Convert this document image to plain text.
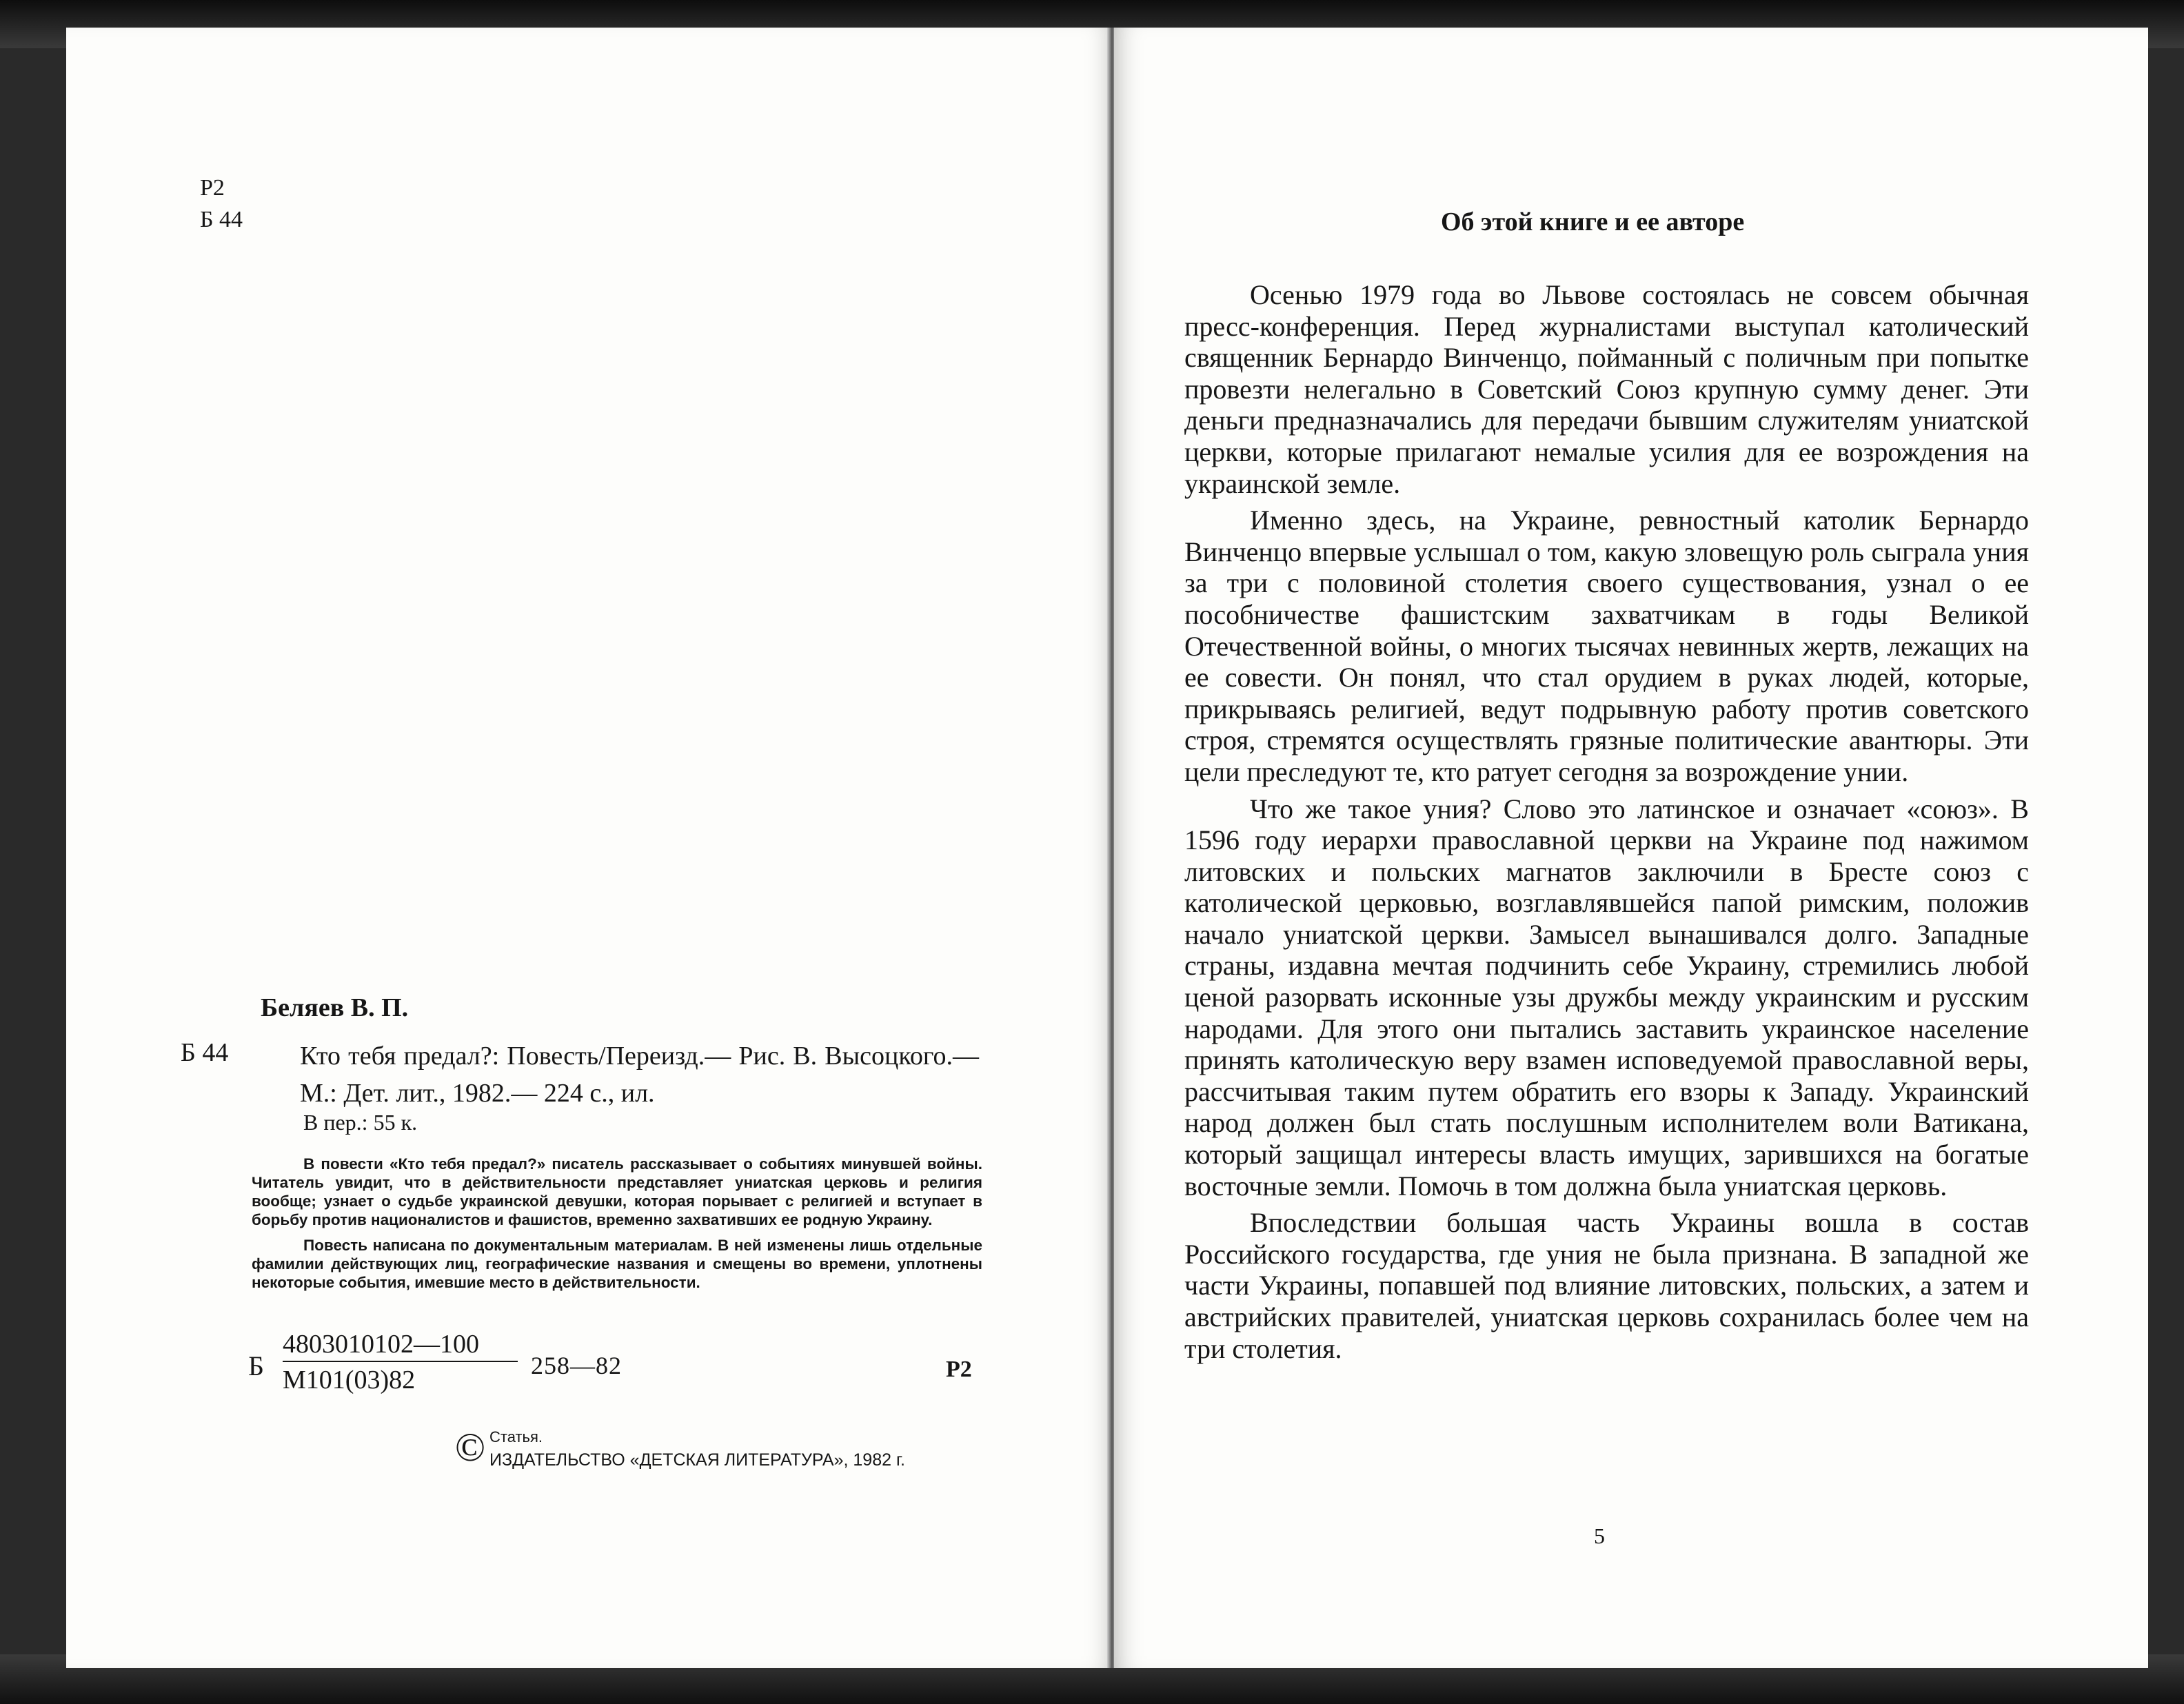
Р2
Б 44
Беляев В. П.
Б 44	Кто тебя предал?: Повесть/Переизд.— Рис. В. Высоцкого.— М.: Дет. лит., 1982.— 224 с., ил.
В пер.: 55 к.

В повести «Кто тебя предал?» писатель рассказывает о событиях минувшей войны. Читатель увидит, что в действительности представляет униатская церковь и религия вообще; узнает о судьбе украинской девушки, которая порывает с религией и вступает в борьбу против националистов и фашистов, временно захвативших ее родную Украину.

Повесть написана по документальным материалам. В ней изменены лишь отдельные фамилии действующих лиц, географические названия и смещены во времени, уплотнены некоторые события, имевшие место в действительности.

Б
4803010102—100
М101(03)82	258—82	Р2
© Статья.
ИЗДАТЕЛЬСТВО «ДЕТСКАЯ ЛИТЕРАТУРА», 1982 г.
Об этой книге и ее авторе

Осенью 1979 года во Львове состоялась не совсем обычная пресс-конференция. Перед журналистами выступал католический священник Бернардо Винченцо, пойманный с поличным при попытке провезти нелегально в Советский Союз крупную сумму денег. Эти деньги предназначались для передачи бывшим служителям униатской церкви, которые прилагают немалые усилия для ее возрождения на украинской земле.

Именно здесь, на Украине, ревностный католик Бернардо Винченцо впервые услышал о том, какую зловещую роль сыграла уния за три с половиной столетия своего существования, узнал о ее пособничестве фашистским захватчикам в годы Великой Отечественной войны, о многих тысячах невинных жертв, лежащих на ее совести. Он понял, что стал орудием в руках людей, которые, прикрываясь религией, ведут подрывную работу против советского строя, стремятся осуществлять грязные политические авантюры. Эти цели преследуют те, кто ратует сегодня за возрождение унии.

Что же такое уния? Слово это латинское и означает «союз». В 1596 году иерархи православной церкви на Украине под нажимом литовских и польских магнатов заключили в Бресте союз с католической церковью, возглавлявшейся папой римским, положив начало униатской церкви. Замысел вынашивался долго. Западные страны, издавна мечтая подчинить себе Украину, стремились любой ценой разорвать исконные узы дружбы между украинским и русским народами. Для этого они пытались заставить украинское население принять католическую веру взамен исповедуемой православной веры, рассчитывая таким путем обратить его взоры к Западу. Украинский народ должен был стать послушным исполнителем воли Ватикана, который защищал интересы власть имущих, зарившихся на богатые восточные земли. Помочь в том должна была униатская церковь.

Впоследствии большая часть Украины вошла в состав Российского государства, где уния не была признана. В западной же части Украины, попавшей под влияние литовских, польских, а затем и австрийских правителей, униатская церковь сохранилась более чем на три столетия.

5
